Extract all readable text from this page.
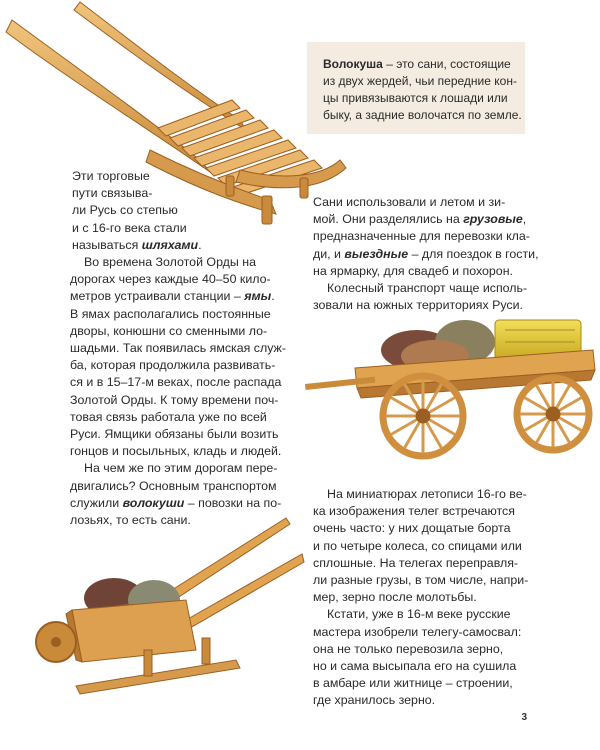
Волокуша – это сани, состоящие
из двух жердей, чьи передние кон-
цы привязываются к лошади или
быку, а задние волочатся по земле.
Эти торговые
пути связыва-
ли Русь со степью
и с 16-го века стали
называться шляхами.
Во времена Золотой Орды на
дорогах через каждые 40–50 кило-
метров устраивали станции – ямы.
В ямах располагались постоянные
дворы, конюшни со сменными ло-
шадьми. Так появилась ямская служ-
ба, которая продолжила развивать-
ся и в 15–17-м веках, после распада
Золотой Орды. К тому времени поч-
товая связь работала уже по всей
Руси. Ямщики обязаны были возить
гонцов и посыльных, кладь и людей.
На чем же по этим дорогам пере-
двигались? Основным транспортом
служили волокуши – повозки на по-
лозьях, то есть сани.
Сани использовали и летом и зи-
мой. Они разделялись на грузовые,
предназначенные для перевозки кла-
ди, и выездные – для поездок в гости,
на ярмарку, для свадеб и похорон.
Колесный транспорт чаще исполь-
зовали на южных территориях Руси.
На миниатюрах летописи 16-го ве-
ка изображения телег встречаются
очень часто: у них дощатые борта
и по четыре колеса, со спицами или
сплошные. На телегах переправля-
ли разные грузы, в том числе, напри-
мер, зерно после молотьбы.
Кстати, уже в 16-м веке русские
мастера изобрели телегу-самосвал:
она не только перевозила зерно,
но и сама высыпала его на сушила
в амбаре или житнице – строении,
где хранилось зерно.
3
